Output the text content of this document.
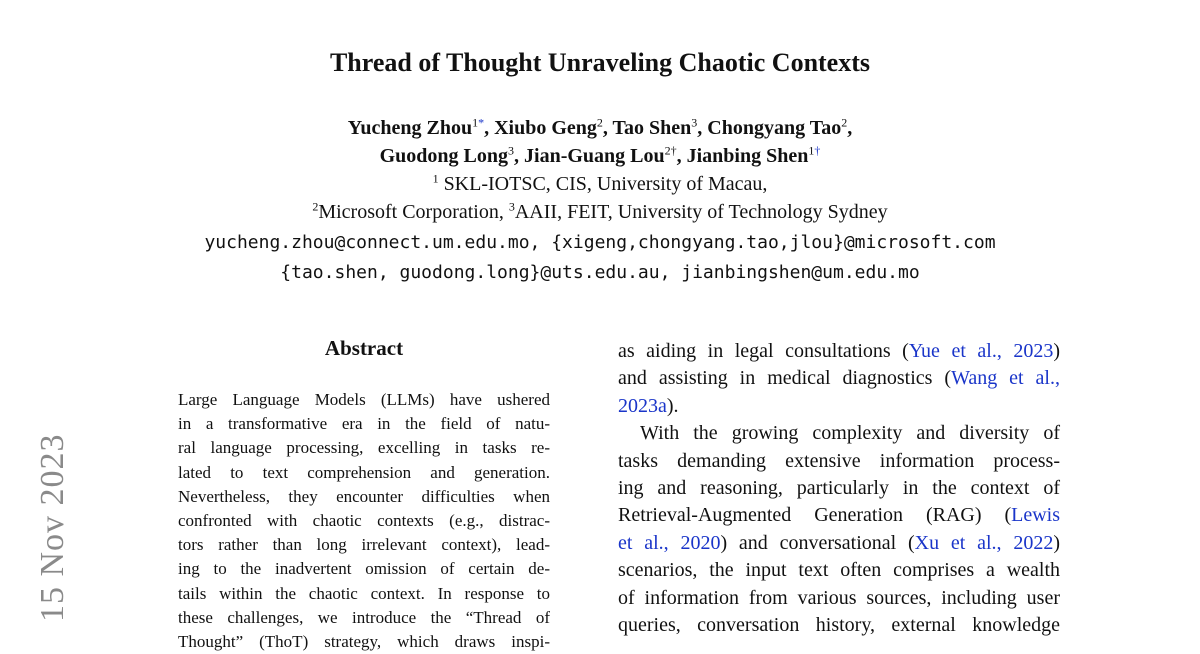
15 Nov 2023
Thread of Thought Unraveling Chaotic Contexts
Yucheng Zhou$^{1*}$, Xiubo Geng$^2$, Tao Shen$^3$, Chongyang Tao$^2$,
Guodong Long$^3$, Jian-Guang Lou$^{2\dagger}$, Jianbing Shen$^{1\dagger}$
$^1$ SKL-IOTSC, CIS, University of Macau,
$^2$Microsoft Corporation, $^3$AAII, FEIT, University of Technology Sydney
yucheng.zhou@connect.um.edu.mo, {xigeng,chongyang.tao,jlou}@microsoft.com
{tao.shen, guodong.long}@uts.edu.au, jianbingshen@um.edu.mo
Abstract
Large Language Models (LLMs) have ushered
in a transformative era in the field of natu-
ral language processing, excelling in tasks re-
lated to text comprehension and generation.
Nevertheless, they encounter difficulties when
confronted with chaotic contexts (e.g., distrac-
tors rather than long irrelevant context), lead-
ing to the inadvertent omission of certain de-
tails within the chaotic context. In response to
these challenges, we introduce the “Thread of
Thought” (ThoT) strategy, which draws inspi-
as aiding in legal consultations (Yue et al., 2023)
and assisting in medical diagnostics (Wang et al.,
2023a).
With the growing complexity and diversity of
tasks demanding extensive information process-
ing and reasoning, particularly in the context of
Retrieval-Augmented Generation (RAG) (Lewis
et al., 2020) and conversational (Xu et al., 2022)
scenarios, the input text often comprises a wealth
of information from various sources, including user
queries, conversation history, external knowledge
